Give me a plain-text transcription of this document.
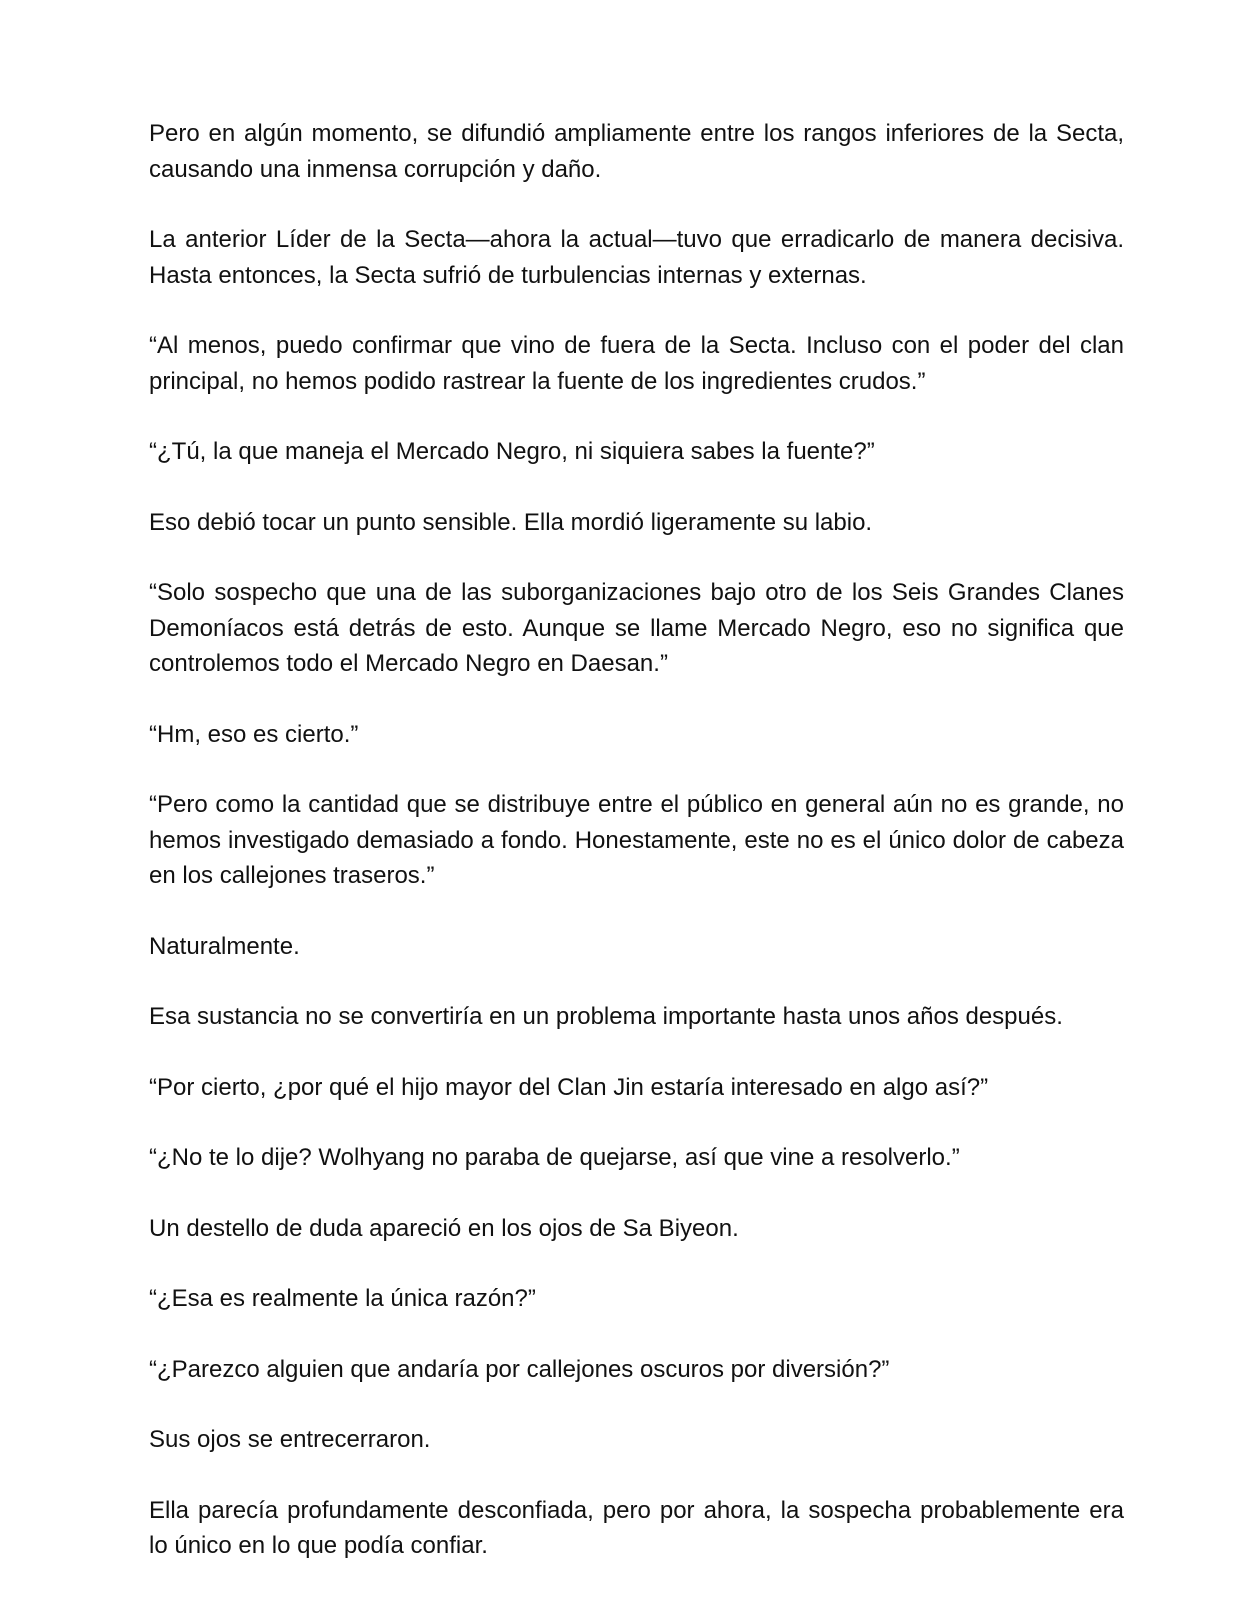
Pero en algún momento, se difundió ampliamente entre los rangos inferiores de la Secta, causando una inmensa corrupción y daño.

La anterior Líder de la Secta—ahora la actual—tuvo que erradicarlo de manera decisiva. Hasta entonces, la Secta sufrió de turbulencias internas y externas.

“Al menos, puedo confirmar que vino de fuera de la Secta. Incluso con el poder del clan principal, no hemos podido rastrear la fuente de los ingredientes crudos.”

“¿Tú, la que maneja el Mercado Negro, ni siquiera sabes la fuente?”

Eso debió tocar un punto sensible. Ella mordió ligeramente su labio.

“Solo sospecho que una de las suborganizaciones bajo otro de los Seis Grandes Clanes Demoníacos está detrás de esto. Aunque se llame Mercado Negro, eso no significa que controlemos todo el Mercado Negro en Daesan.”

“Hm, eso es cierto.”

“Pero como la cantidad que se distribuye entre el público en general aún no es grande, no hemos investigado demasiado a fondo. Honestamente, este no es el único dolor de cabeza en los callejones traseros.”

Naturalmente.

Esa sustancia no se convertiría en un problema importante hasta unos años después.

“Por cierto, ¿por qué el hijo mayor del Clan Jin estaría interesado en algo así?”

“¿No te lo dije? Wolhyang no paraba de quejarse, así que vine a resolverlo.”

Un destello de duda apareció en los ojos de Sa Biyeon.

“¿Esa es realmente la única razón?”

“¿Parezco alguien que andaría por callejones oscuros por diversión?”

Sus ojos se entrecerraron.

Ella parecía profundamente desconfiada, pero por ahora, la sospecha probablemente era lo único en lo que podía confiar.
